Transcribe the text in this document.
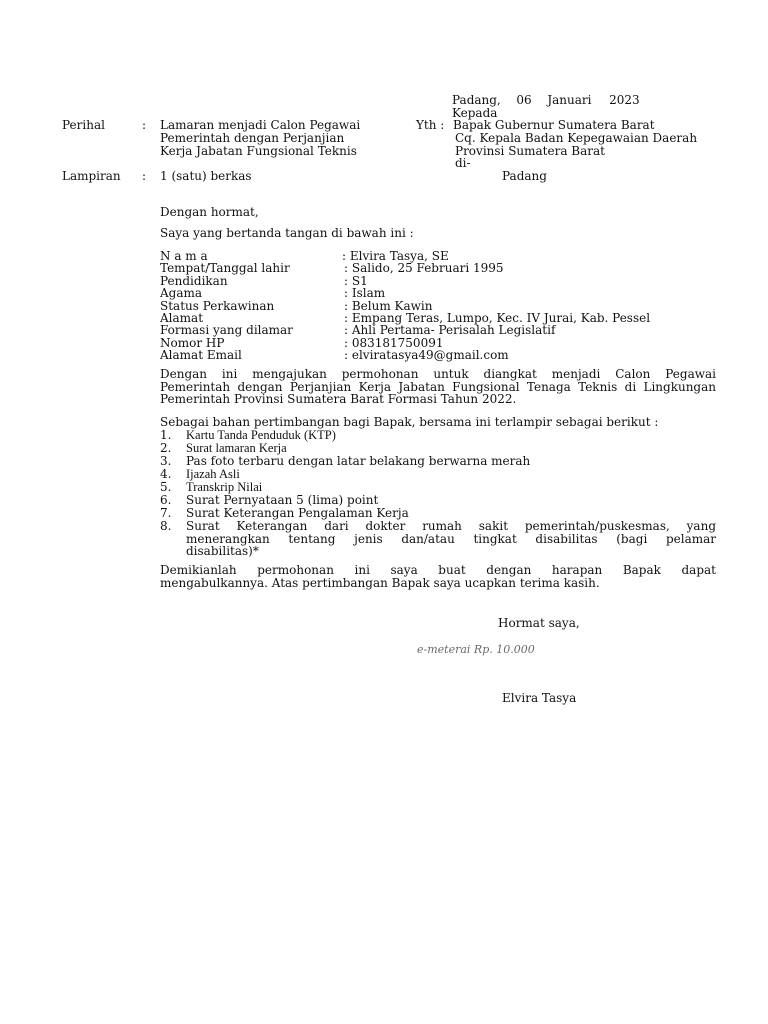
Padang, 06 Januari 2023
Kepada
Perihal	: Lamaran menjadi Calon Pegawai
Pemerintah dengan Perjanjian
Kerja Jabatan Fungsional Teknis
Yth : Bapak Gubernur Sumatera Barat
Cq. Kepala Badan Kepegawaian Daerah
Provinsi Sumatera Barat
di-
Padang
Lampiran : 1 (satu) berkas
Dengan hormat,
Saya yang bertanda tangan di bawah ini :
N a m a	: Elvira Tasya, SE
Tempat/Tanggal lahir	: Salido, 25 Februari 1995
Pendidikan	: S1
Agama	: Islam
Status Perkawinan	: Belum Kawin
Alamat	: Empang Teras, Lumpo, Kec. IV Jurai, Kab. Pessel
Formasi yang dilamar	: Ahli Pertama- Perisalah Legislatif
Nomor HP	: 083181750091
Alamat Email	: elviratasya49@gmail.com
Dengan ini mengajukan permohonan untuk diangkat menjadi Calon Pegawai
Pemerintah dengan Perjanjian Kerja Jabatan Fungsional Tenaga Teknis di Lingkungan
Pemerintah Provinsi Sumatera Barat Formasi Tahun 2022.
Sebagai bahan pertimbangan bagi Bapak, bersama ini terlampir sebagai berikut :
1. Kartu Tanda Penduduk (KTP)
2. Surat lamaran Kerja
3. Pas foto terbaru dengan latar belakang berwarna merah
4. Ijazah Asli
5. Transkrip Nilai
6. Surat Pernyataan 5 (lima) point
7. Surat Keterangan Pengalaman Kerja
8. Surat Keterangan dari dokter rumah sakit pemerintah/puskesmas, yang
menerangkan tentang jenis dan/atau tingkat disabilitas (bagi pelamar
disabilitas)*
Demikianlah permohonan ini saya buat dengan harapan Bapak dapat
mengabulkannya. Atas pertimbangan Bapak saya ucapkan terima kasih.
Hormat saya,
e-meterai Rp. 10.000
Elvira Tasya
